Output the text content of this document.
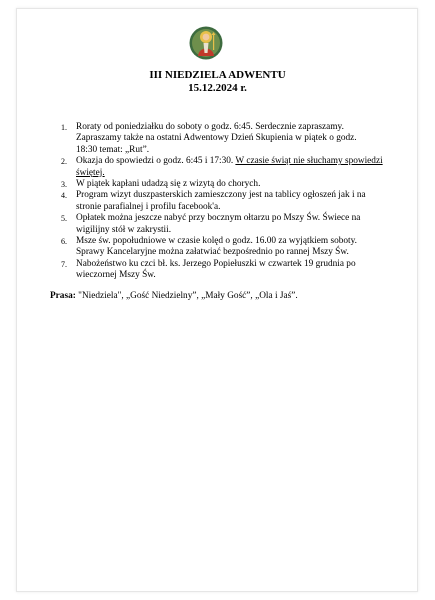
III NIEDZIELA ADWENTU
15.12.2024 r.
1. Roraty od poniedziałku do soboty o godz. 6:45. Serdecznie zapraszamy.
Zapraszamy także na ostatni Adwentowy Dzień Skupienia w piątek o godz.
18:30 temat: „Rut”.
2. Okazja do spowiedzi o godz. 6:45 i 17:30. W czasie świąt nie słuchamy spowiedzi świętej.
3. W piątek kapłani udadzą się z wizytą do chorych.
4. Program wizyt duszpasterskich zamieszczony jest na tablicy ogłoszeń jak i na
stronie parafialnej i profilu facebook'a.
5. Opłatek można jeszcze nabyć przy bocznym ołtarzu po Mszy Św. Świece na
wigilijny stół w zakrystii.
6. Msze św. popołudniowe w czasie kolęd o godz. 16.00 za wyjątkiem soboty.
Sprawy Kancelaryjne można załatwiać bezpośrednio po rannej Mszy Św.
7. Nabożeństwo ku czci bł. ks. Jerzego Popiełuszki w czwartek 19 grudnia po
wieczornej Mszy Św.
Prasa: "Niedziela", „Gość Niedzielny”, „Mały Gość”, „Ola i Jaś”.
